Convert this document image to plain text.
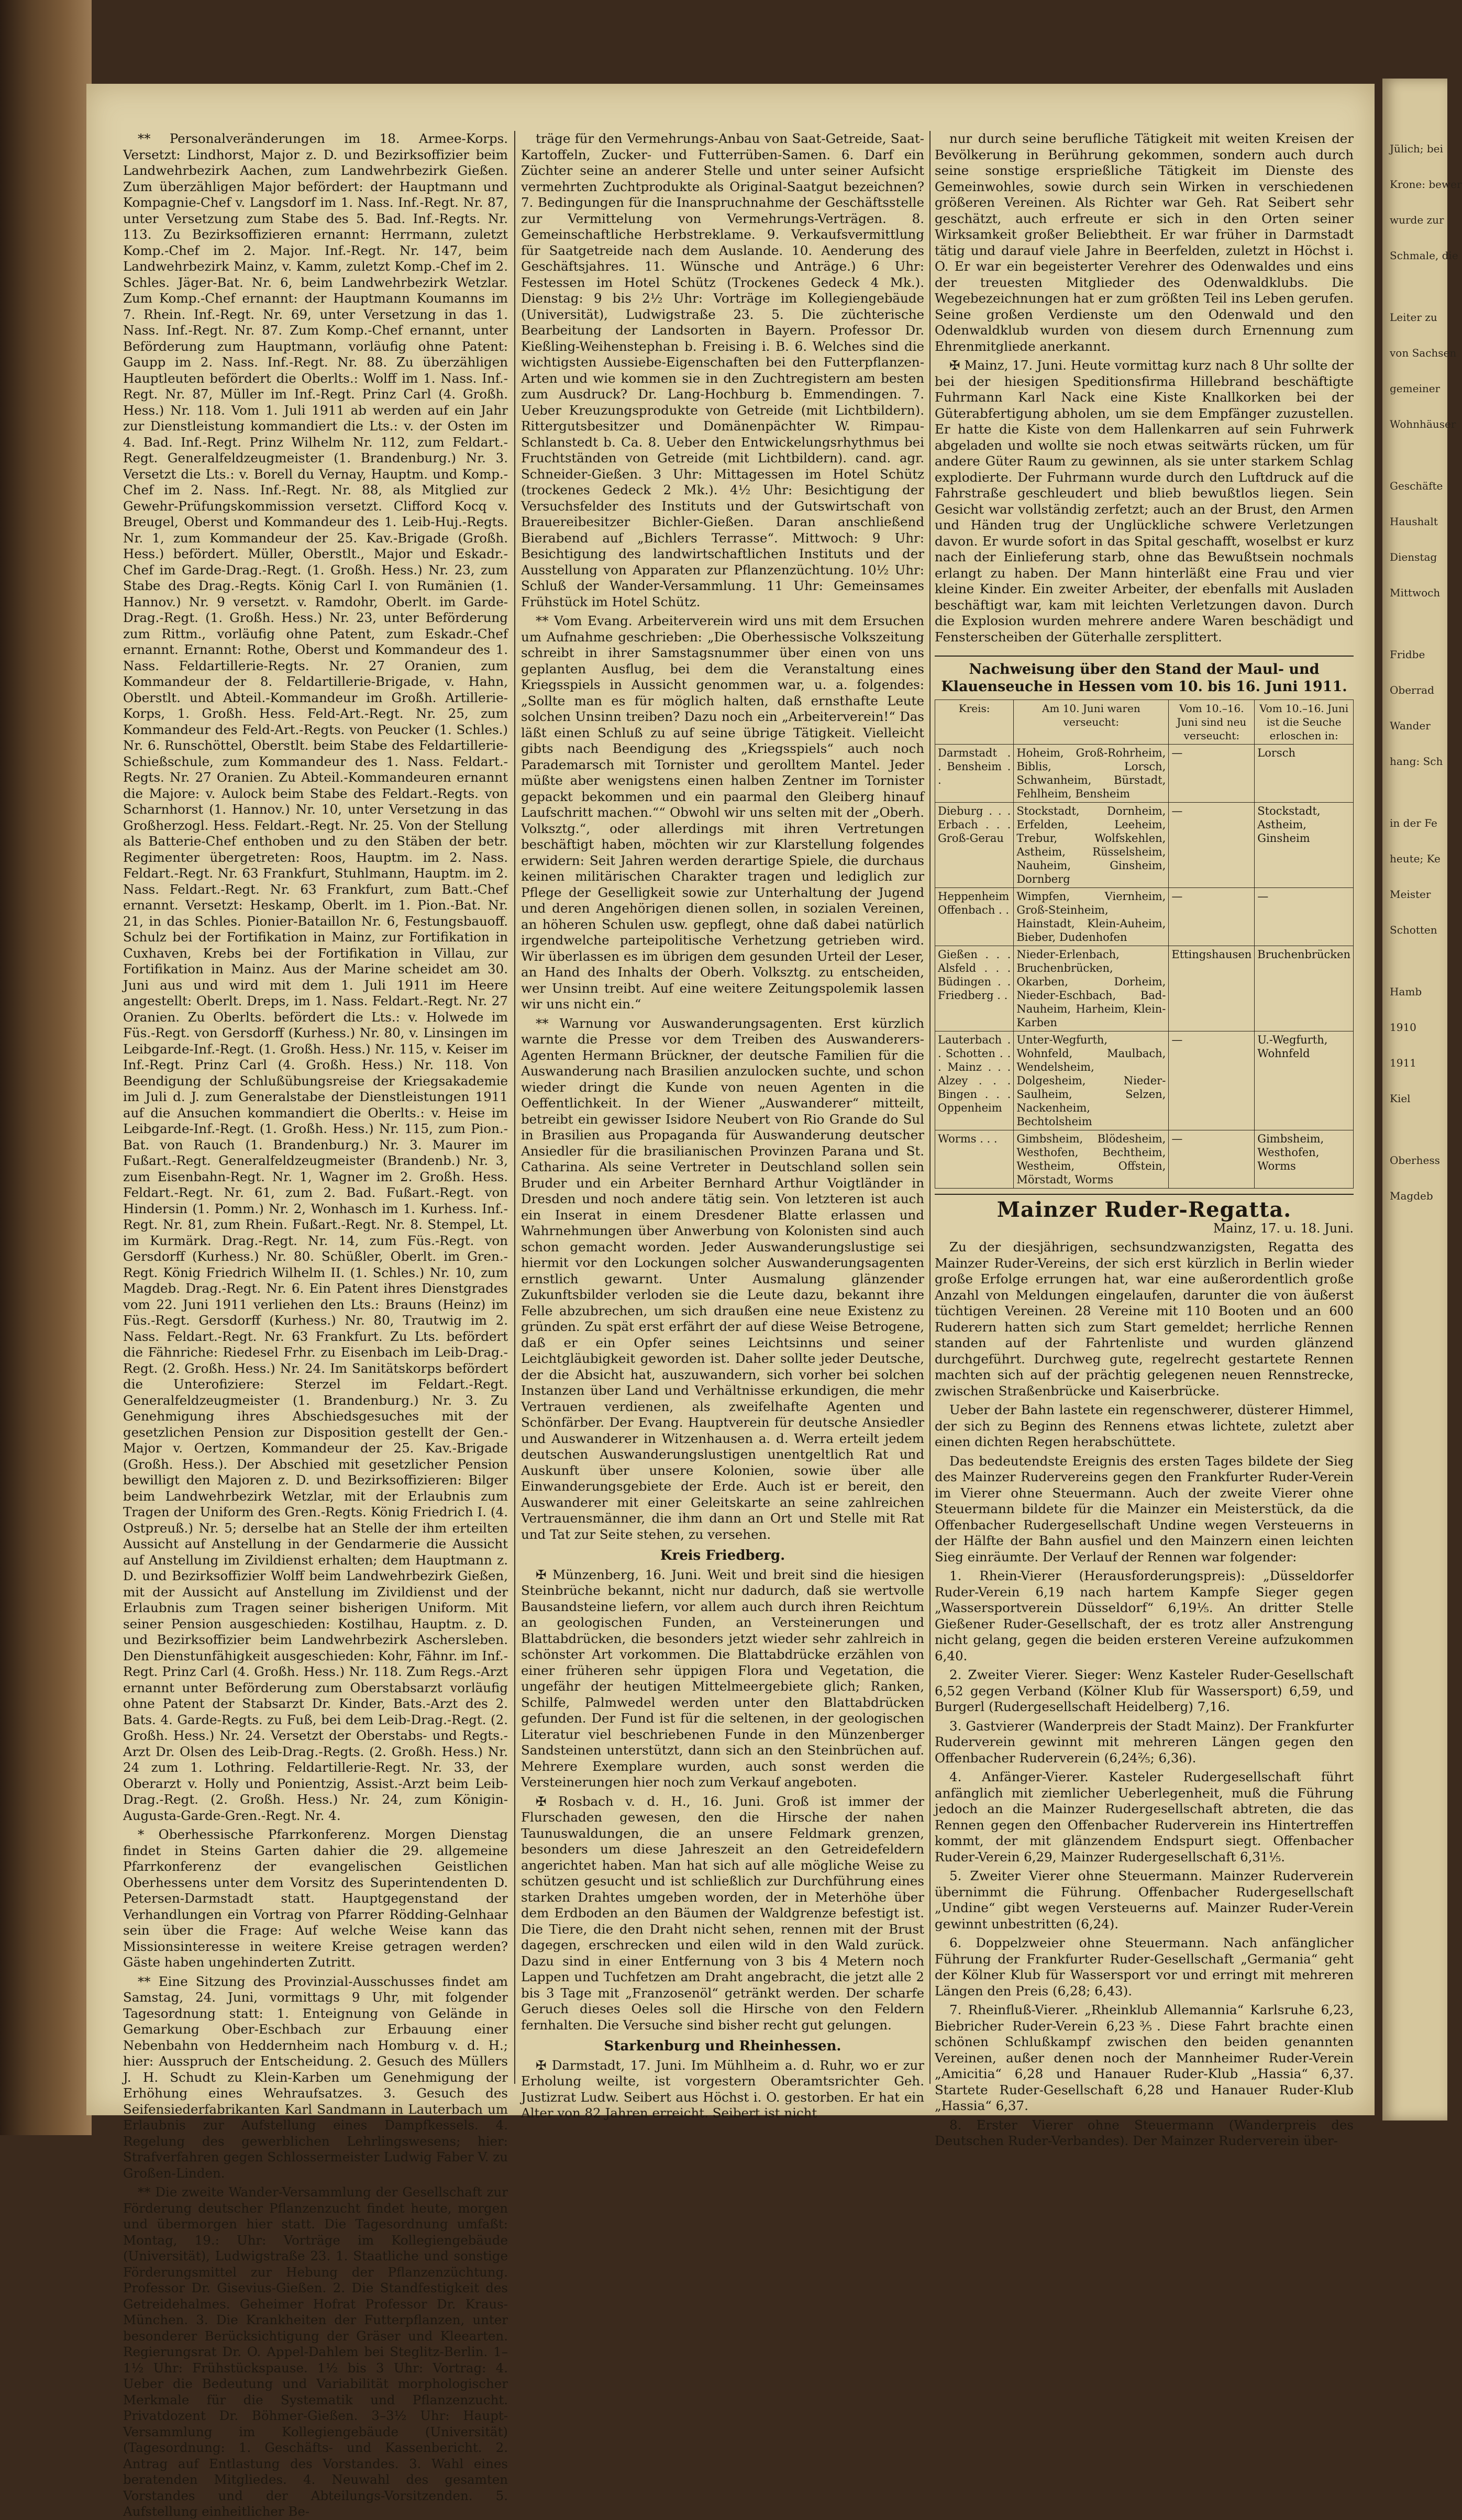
** Personalveränderungen im 18. Armee-Korps. Versetzt: Lindhorst, Major z. D. und Bezirksoffizier beim Landwehrbezirk Aachen, zum Landwehrbezirk Gießen. Zum überzähligen Major befördert: der Hauptmann und Kompagnie-Chef v. Langsdorf im 1. Nass. Inf.-Regt. Nr. 87, unter Versetzung zum Stabe des 5. Bad. Inf.-Regts. Nr. 113. Zu Bezirksoffizieren ernannt: Herrmann, zuletzt Komp.-Chef im 2. Major. Inf.-Regt. Nr. 147, beim Landwehrbezirk Mainz, v. Kamm, zuletzt Komp.-Chef im 2. Schles. Jäger-Bat. Nr. 6, beim Landwehrbezirk Wetzlar. Zum Komp.-Chef ernannt: der Hauptmann Koumanns im 7. Rhein. Inf.-Regt. Nr. 69, unter Versetzung in das 1. Nass. Inf.-Regt. Nr. 87. Zum Komp.-Chef ernannt, unter Beförderung zum Hauptmann, vorläufig ohne Patent: Gaupp im 2. Nass. Inf.-Regt. Nr. 88. Zu überzähligen Hauptleuten befördert die Oberlts.: Wolff im 1. Nass. Inf.-Regt. Nr. 87, Müller im Inf.-Regt. Prinz Carl (4. Großh. Hess.) Nr. 118. Vom 1. Juli 1911 ab werden auf ein Jahr zur Dienstleistung kommandiert die Lts.: v. der Osten im 4. Bad. Inf.-Regt. Prinz Wilhelm Nr. 112, zum Feldart.-Regt. Generalfeldzeugmeister (1. Brandenburg.) Nr. 3. Versetzt die Lts.: v. Borell du Vernay, Hauptm. und Komp.-Chef im 2. Nass. Inf.-Regt. Nr. 88, als Mitglied zur Gewehr-Prüfungskommission versetzt. Clifford Kocq v. Breugel, Oberst und Kommandeur des 1. Leib-Huj.-Regts. Nr. 1, zum Kommandeur der 25. Kav.-Brigade (Großh. Hess.) befördert. Müller, Oberstlt., Major und Eskadr.-Chef im Garde-Drag.-Regt. (1. Großh. Hess.) Nr. 23, zum Stabe des Drag.-Regts. König Carl I. von Rumänien (1. Hannov.) Nr. 9 versetzt. v. Ramdohr, Oberlt. im Garde-Drag.-Regt. (1. Großh. Hess.) Nr. 23, unter Beförderung zum Rittm., vorläufig ohne Patent, zum Eskadr.-Chef ernannt. Ernannt: Rothe, Oberst und Kommandeur des 1. Nass. Feldartillerie-Regts. Nr. 27 Oranien, zum Kommandeur der 8. Feldartillerie-Brigade, v. Hahn, Oberstlt. und Abteil.-Kommandeur im Großh. Artillerie-Korps, 1. Großh. Hess. Feld-Art.-Regt. Nr. 25, zum Kommandeur des Feld-Art.-Regts. von Peucker (1. Schles.) Nr. 6. Runschöttel, Oberstlt. beim Stabe des Feldartillerie-Schießschule, zum Kommandeur des 1. Nass. Feldart.-Regts. Nr. 27 Oranien. Zu Abteil.-Kommandeuren ernannt die Majore: v. Aulock beim Stabe des Feldart.-Regts. von Scharnhorst (1. Hannov.) Nr. 10, unter Versetzung in das Großherzogl. Hess. Feldart.-Regt. Nr. 25. Von der Stellung als Batterie-Chef enthoben und zu den Stäben der betr. Regimenter übergetreten: Roos, Hauptm. im 2. Nass. Feldart.-Regt. Nr. 63 Frankfurt, Stuhlmann, Hauptm. im 2. Nass. Feldart.-Regt. Nr. 63 Frankfurt, zum Batt.-Chef ernannt. Versetzt: Heskamp, Oberlt. im 1. Pion.-Bat. Nr. 21, in das Schles. Pionier-Bataillon Nr. 6, Festungsbauoff. Schulz bei der Fortifikation in Mainz, zur Fortifikation in Cuxhaven, Krebs bei der Fortifikation in Villau, zur Fortifikation in Mainz. Aus der Marine scheidet am 30. Juni aus und wird mit dem 1. Juli 1911 im Heere angestellt: Oberlt. Dreps, im 1. Nass. Feldart.-Regt. Nr. 27 Oranien. Zu Oberlts. befördert die Lts.: v. Holwede im Füs.-Regt. von Gersdorff (Kurhess.) Nr. 80, v. Linsingen im Leibgarde-Inf.-Regt. (1. Großh. Hess.) Nr. 115, v. Keiser im Inf.-Regt. Prinz Carl (4. Großh. Hess.) Nr. 118. Von Beendigung der Schlußübungsreise der Kriegsakademie im Juli d. J. zum Generalstabe der Dienstleistungen 1911 auf die Ansuchen kommandiert die Oberlts.: v. Heise im Leibgarde-Inf.-Regt. (1. Großh. Hess.) Nr. 115, zum Pion.-Bat. von Rauch (1. Brandenburg.) Nr. 3. Maurer im Fußart.-Regt. Generalfeldzeugmeister (Brandenb.) Nr. 3, zum Eisenbahn-Regt. Nr. 1, Wagner im 2. Großh. Hess. Feldart.-Regt. Nr. 61, zum 2. Bad. Fußart.-Regt. von Hindersin (1. Pomm.) Nr. 2, Wonhasch im 1. Kurhess. Inf.-Regt. Nr. 81, zum Rhein. Fußart.-Regt. Nr. 8. Stempel, Lt. im Kurmärk. Drag.-Regt. Nr. 14, zum Füs.-Regt. von Gersdorff (Kurhess.) Nr. 80. Schüßler, Oberlt. im Gren.-Regt. König Friedrich Wilhelm II. (1. Schles.) Nr. 10, zum Magdeb. Drag.-Regt. Nr. 6. Ein Patent ihres Dienstgrades vom 22. Juni 1911 verliehen den Lts.: Brauns (Heinz) im Füs.-Regt. Gersdorff (Kurhess.) Nr. 80, Trautwig im 2. Nass. Feldart.-Regt. Nr. 63 Frankfurt. Zu Lts. befördert die Fähnriche: Riedesel Frhr. zu Eisenbach im Leib-Drag.-Regt. (2. Großh. Hess.) Nr. 24. Im Sanitätskorps befördert die Unterofiziere: Sterzel im Feldart.-Regt. Generalfeldzeugmeister (1. Brandenburg.) Nr. 3. Zu Genehmigung ihres Abschiedsgesuches mit der gesetzlichen Pension zur Disposition gestellt der Gen.-Major v. Oertzen, Kommandeur der 25. Kav.-Brigade (Großh. Hess.). Der Abschied mit gesetzlicher Pension bewilligt den Majoren z. D. und Bezirksoffizieren: Bilger beim Landwehrbezirk Wetzlar, mit der Erlaubnis zum Tragen der Uniform des Gren.-Regts. König Friedrich I. (4. Ostpreuß.) Nr. 5; derselbe hat an Stelle der ihm erteilten Aussicht auf Anstellung in der Gendarmerie die Aussicht auf Anstellung im Zivildienst erhalten; dem Hauptmann z. D. und Bezirksoffizier Wolff beim Landwehrbezirk Gießen, mit der Aussicht auf Anstellung im Zivildienst und der Erlaubnis zum Tragen seiner bisherigen Uniform. Mit seiner Pension ausgeschieden: Kostilhau, Hauptm. z. D. und Bezirksoffizier beim Landwehrbezirk Aschersleben. Den Dienstunfähigkeit ausgeschieden: Kohr, Fähnr. im Inf.-Regt. Prinz Carl (4. Großh. Hess.) Nr. 118. Zum Regs.-Arzt ernannt unter Beförderung zum Oberstabsarzt vorläufig ohne Patent der Stabsarzt Dr. Kinder, Bats.-Arzt des 2. Bats. 4. Garde-Regts. zu Fuß, bei dem Leib-Drag.-Regt. (2. Großh. Hess.) Nr. 24. Versetzt der Oberstabs- und Regts.-Arzt Dr. Olsen des Leib-Drag.-Regts. (2. Großh. Hess.) Nr. 24 zum 1. Lothring. Feldartillerie-Regt. Nr. 33, der Oberarzt v. Holly und Ponientzig, Assist.-Arzt beim Leib-Drag.-Regt. (2. Großh. Hess.) Nr. 24, zum Königin-Augusta-Garde-Gren.-Regt. Nr. 4.

* Oberhessische Pfarrkonferenz. Morgen Dienstag findet in Steins Garten dahier die 29. allgemeine Pfarrkonferenz der evangelischen Geistlichen Oberhessens unter dem Vorsitz des Superintendenten D. Petersen-Darmstadt statt. Hauptgegenstand der Verhandlungen ein Vortrag von Pfarrer Rödding-Gelnhaar sein über die Frage: Auf welche Weise kann das Missionsinteresse in weitere Kreise getragen werden? Gäste haben ungehinderten Zutritt.

** Eine Sitzung des Provinzial-Ausschusses findet am Samstag, 24. Juni, vormittags 9 Uhr, mit folgender Tagesordnung statt: 1. Enteignung von Gelände in Gemarkung Ober-Eschbach zur Erbauung einer Nebenbahn von Heddernheim nach Homburg v. d. H.; hier: Ausspruch der Entscheidung. 2. Gesuch des Müllers J. H. Schudt zu Klein-Karben um Genehmigung der Erhöhung eines Wehraufsatzes. 3. Gesuch des Seifensiederfabrikanten Karl Sandmann in Lauterbach um Erlaubnis zur Aufstellung eines Dampfkessels. 4. Regelung des gewerblichen Lehrlingswesens; hier: Strafverfahren gegen Schlossermeister Ludwig Faber V. zu Großen-Linden.

** Die zweite Wander-Versammlung der Gesellschaft zur Förderung deutscher Pflanzenzucht findet heute, morgen und übermorgen hier statt. Die Tagesordnung umfaßt: Montag, 19.: Uhr: Vorträge im Kollegiengebäude (Universität), Ludwigstraße 23. 1. Staatliche und sonstige Förderungsmittel zur Hebung der Pflanzenzüchtung. Professor Dr. Gisevius-Gießen. 2. Die Standfestigkeit des Getreidehalmes. Geheimer Hofrat Professor Dr. Kraus-München. 3. Die Krankheiten der Futterpflanzen, unter besonderer Berücksichtigung der Gräser und Kleearten. Regierungsrat Dr. O. Appel-Dahlem bei Steglitz-Berlin. 1–1½ Uhr: Frühstückspause. 1½ bis 3 Uhr: Vortrag: 4. Ueber die Bedeutung und Variabilität morphologischer Merkmale für die Systematik und Pflanzenzucht. Privatdozent Dr. Böhmer-Gießen. 3–3½ Uhr: Haupt-Versammlung im Kollegiengebäude (Universität) (Tagesordnung: 1. Geschäfts- und Kassenbericht. 2. Antrag auf Entlastung des Vorstandes. 3. Wahl eines beratenden Mitgliedes. 4. Neuwahl des gesamten Vorstandes und der Abteilungs-Vorsitzenden. 5. Aufstellung einheitlicher Be-

träge für den Vermehrungs-Anbau von Saat-Getreide, Saat-Kartoffeln, Zucker- und Futterrüben-Samen. 6. Darf ein Züchter seine an anderer Stelle und unter seiner Aufsicht vermehrten Zuchtprodukte als Original-Saatgut bezeichnen? 7. Bedingungen für die Inanspruchnahme der Geschäftsstelle zur Vermittelung von Vermehrungs-Verträgen. 8. Gemeinschaftliche Herbstreklame. 9. Verkaufsvermittlung für Saatgetreide nach dem Auslande. 10. Aenderung des Geschäftsjahres. 11. Wünsche und Anträge.) 6 Uhr: Festessen im Hotel Schütz (Trockenes Gedeck 4 Mk.). Dienstag: 9 bis 2½ Uhr: Vorträge im Kollegiengebäude (Universität), Ludwigstraße 23. 5. Die züchterische Bearbeitung der Landsorten in Bayern. Professor Dr. Kießling-Weihenstephan b. Freising i. B. 6. Welches sind die wichtigsten Aussiebe-Eigenschaften bei den Futterpflanzen-Arten und wie kommen sie in den Zuchtregistern am besten zum Ausdruck? Dr. Lang-Hochburg b. Emmendingen. 7. Ueber Kreuzungsprodukte von Getreide (mit Lichtbildern). Rittergutsbesitzer und Domänenpächter W. Rimpau-Schlanstedt b. Ca. 8. Ueber den Entwickelungsrhythmus bei Fruchtständen von Getreide (mit Lichtbildern). cand. agr. Schneider-Gießen. 3 Uhr: Mittagessen im Hotel Schütz (trockenes Gedeck 2 Mk.). 4½ Uhr: Besichtigung der Versuchsfelder des Instituts und der Gutswirtschaft von Brauereibesitzer Bichler-Gießen. Daran anschließend Bierabend auf „Bichlers Terrasse“. Mittwoch: 9 Uhr: Besichtigung des landwirtschaftlichen Instituts und der Ausstellung von Apparaten zur Pflanzenzüchtung. 10½ Uhr: Schluß der Wander-Versammlung. 11 Uhr: Gemeinsames Frühstück im Hotel Schütz.

** Vom Evang. Arbeiterverein wird uns mit dem Ersuchen um Aufnahme geschrieben: „Die Oberhessische Volkszeitung schreibt in ihrer Samstagsnummer über einen von uns geplanten Ausflug, bei dem die Veranstaltung eines Kriegsspiels in Aussicht genommen war, u. a. folgendes: „Sollte man es für möglich halten, daß ernsthafte Leute solchen Unsinn treiben? Dazu noch ein „Arbeiterverein!“ Das läßt einen Schluß zu auf seine übrige Tätigkeit. Vielleicht gibts nach Beendigung des „Kriegsspiels“ auch noch Parademarsch mit Tornister und gerolltem Mantel. Jeder müßte aber wenigstens einen halben Zentner im Tornister gepackt bekommen und ein paarmal den Gleiberg hinauf Laufschritt machen.““ Obwohl wir uns selten mit der „Oberh. Volksztg.“, oder allerdings mit ihren Vertretungen beschäftigt haben, möchten wir zur Klarstellung folgendes erwidern: Seit Jahren werden derartige Spiele, die durchaus keinen militärischen Charakter tragen und lediglich zur Pflege der Geselligkeit sowie zur Unterhaltung der Jugend und deren Angehörigen dienen sollen, in sozialen Vereinen, an höheren Schulen usw. gepflegt, ohne daß dabei natürlich irgendwelche parteipolitische Verhetzung getrieben wird. Wir überlassen es im übrigen dem gesunden Urteil der Leser, an Hand des Inhalts der Oberh. Volksztg. zu entscheiden, wer Unsinn treibt. Auf eine weitere Zeitungspolemik lassen wir uns nicht ein.“

** Warnung vor Auswanderungsagenten. Erst kürzlich warnte die Presse vor dem Treiben des Auswanderers-Agenten Hermann Brückner, der deutsche Familien für die Auswanderung nach Brasilien anzulocken suchte, und schon wieder dringt die Kunde von neuen Agenten in die Oeffentlichkeit. In der Wiener „Auswanderer“ mitteilt, betreibt ein gewisser Isidore Neubert von Rio Grande do Sul in Brasilien aus Propaganda für Auswanderung deutscher Ansiedler für die brasilianischen Provinzen Parana und St. Catharina. Als seine Vertreter in Deutschland sollen sein Bruder und ein Arbeiter Bernhard Arthur Voigtländer in Dresden und noch andere tätig sein. Von letzteren ist auch ein Inserat in einem Dresdener Blatte erlassen und Wahrnehmungen über Anwerbung von Kolonisten sind auch schon gemacht worden. Jeder Auswanderungslustige sei hiermit vor den Lockungen solcher Auswanderungsagenten ernstlich gewarnt. Unter Ausmalung glänzender Zukunftsbilder verloden sie die Leute dazu, bekannt ihre Felle abzubrechen, um sich draußen eine neue Existenz zu gründen. Zu spät erst erfährt der auf diese Weise Betrogene, daß er ein Opfer seines Leichtsinns und seiner Leichtgläubigkeit geworden ist. Daher sollte jeder Deutsche, der die Absicht hat, auszuwandern, sich vorher bei solchen Instanzen über Land und Verhältnisse erkundigen, die mehr Vertrauen verdienen, als zweifelhafte Agenten und Schönfärber. Der Evang. Hauptverein für deutsche Ansiedler und Auswanderer in Witzenhausen a. d. Werra erteilt jedem deutschen Auswanderungslustigen unentgeltlich Rat und Auskunft über unsere Kolonien, sowie über alle Einwanderungsgebiete der Erde. Auch ist er bereit, den Auswanderer mit einer Geleitskarte an seine zahlreichen Vertrauensmänner, die ihm dann an Ort und Stelle mit Rat und Tat zur Seite stehen, zu versehen.

Kreis Friedberg.

✠ Münzenberg, 16. Juni. Weit und breit sind die hiesigen Steinbrüche bekannt, nicht nur dadurch, daß sie wertvolle Bausandsteine liefern, vor allem auch durch ihren Reichtum an geologischen Funden, an Versteinerungen und Blattabdrücken, die besonders jetzt wieder sehr zahlreich in schönster Art vorkommen. Die Blattabdrücke erzählen von einer früheren sehr üppigen Flora und Vegetation, die ungefähr der heutigen Mittelmeergebiete glich; Ranken, Schilfe, Palmwedel werden unter den Blattabdrücken gefunden. Der Fund ist für die seltenen, in der geologischen Literatur viel beschriebenen Funde in den Münzenberger Sandsteinen unterstützt, dann sich an den Steinbrüchen auf. Mehrere Exemplare wurden, auch sonst werden die Versteinerungen hier noch zum Verkauf angeboten.

✠ Rosbach v. d. H., 16. Juni. Groß ist immer der Flurschaden gewesen, den die Hirsche der nahen Taunuswaldungen, die an unsere Feldmark grenzen, besonders um diese Jahreszeit an den Getreidefeldern angerichtet haben. Man hat sich auf alle mögliche Weise zu schützen gesucht und ist schließlich zur Durchführung eines starken Drahtes umgeben worden, der in Meterhöhe über dem Erdboden an den Bäumen der Waldgrenze befestigt ist. Die Tiere, die den Draht nicht sehen, rennen mit der Brust dagegen, erschrecken und eilen wild in den Wald zurück. Dazu sind in einer Entfernung von 3 bis 4 Metern noch Lappen und Tuchfetzen am Draht angebracht, die jetzt alle 2 bis 3 Tage mit „Franzosenöl“ getränkt werden. Der scharfe Geruch dieses Oeles soll die Hirsche von den Feldern fernhalten. Die Versuche sind bisher recht gut gelungen.

Starkenburg und Rheinhessen.

✠ Darmstadt, 17. Juni. Im Mühlheim a. d. Ruhr, wo er zur Erholung weilte, ist vorgestern Oberamtsrichter Geh. Justizrat Ludw. Seibert aus Höchst i. O. gestorben. Er hat ein Alter von 82 Jahren erreicht. Seibert ist nicht

nur durch seine berufliche Tätigkeit mit weiten Kreisen der Bevölkerung in Berührung gekommen, sondern auch durch seine sonstige ersprießliche Tätigkeit im Dienste des Gemeinwohles, sowie durch sein Wirken in verschiedenen größeren Vereinen. Als Richter war Geh. Rat Seibert sehr geschätzt, auch erfreute er sich in den Orten seiner Wirksamkeit großer Beliebtheit. Er war früher in Darmstadt tätig und darauf viele Jahre in Beerfelden, zuletzt in Höchst i. O. Er war ein begeisterter Verehrer des Odenwaldes und eins der treuesten Mitglieder des Odenwaldklubs. Die Wegebezeichnungen hat er zum größten Teil ins Leben gerufen. Seine großen Verdienste um den Odenwald und den Odenwaldklub wurden von diesem durch Ernennung zum Ehrenmitgliede anerkannt.

✠ Mainz, 17. Juni. Heute vormittag kurz nach 8 Uhr sollte der bei der hiesigen Speditionsfirma Hillebrand beschäftigte Fuhrmann Karl Nack eine Kiste Knallkorken bei der Güterabfertigung abholen, um sie dem Empfänger zuzustellen. Er hatte die Kiste von dem Hallenkarren auf sein Fuhrwerk abgeladen und wollte sie noch etwas seitwärts rücken, um für andere Güter Raum zu gewinnen, als sie unter starkem Schlag explodierte. Der Fuhrmann wurde durch den Luftdruck auf die Fahrstraße geschleudert und blieb bewußtlos liegen. Sein Gesicht war vollständig zerfetzt; auch an der Brust, den Armen und Händen trug der Unglückliche schwere Verletzungen davon. Er wurde sofort in das Spital geschafft, woselbst er kurz nach der Einlieferung starb, ohne das Bewußtsein nochmals erlangt zu haben. Der Mann hinterläßt eine Frau und vier kleine Kinder. Ein zweiter Arbeiter, der ebenfalls mit Ausladen beschäftigt war, kam mit leichten Verletzungen davon. Durch die Explosion wurden mehrere andere Waren beschädigt und Fensterscheiben der Güterhalle zersplittert.

Nachweisung über den Stand der Maul- und Klauenseuche in Hessen vom 10. bis 16. Juni 1911.
Kreis:	Am 10. Juni waren verseucht:	Vom 10.–16. Juni sind neu verseucht:	Vom 10.–16. Juni ist die Seuche erloschen in:
Darmstadt . . Bensheim . .	Hoheim, Groß-Rohrheim, Biblis, Lorsch, Schwanheim, Bürstadt, Fehlheim, Bensheim	—	Lorsch
Dieburg . . . Erbach . . . Groß-Gerau	Stockstadt, Dornheim, Erfelden, Leeheim, Trebur, Wolfskehlen, Astheim, Rüsselsheim, Nauheim, Ginsheim, Dornberg	—	Stockstadt, Astheim, Ginsheim
Heppenheim Offenbach . .	Wimpfen, Viernheim, Groß-Steinheim, Hainstadt, Klein-Auheim, Bieber, Dudenhofen	—	—
Gießen . . . Alsfeld . . . Büdingen . . Friedberg . .	Nieder-Erlenbach, Bruchenbrücken, Okarben, Dorheim, Nieder-Eschbach, Bad-Nauheim, Harheim, Klein-Karben	Ettingshausen	Bruchenbrücken
Lauterbach . . Schotten . . . Mainz . . . Alzey . . . Bingen . . . Oppenheim	Unter-Wegfurth, Wohnfeld, Maulbach, Wendelsheim, Dolgesheim, Nieder-Saulheim, Selzen, Nackenheim, Bechtolsheim	—	U.-Wegfurth, Wohnfeld
Worms . . .	Gimbsheim, Blödesheim, Westhofen, Bechtheim, Westheim, Offstein, Mörstadt, Worms	—	Gimbsheim, Westhofen, Worms
Mainzer Ruder-Regatta.
Mainz, 17. u. 18. Juni.

Zu der diesjährigen, sechsundzwanzigsten, Regatta des Mainzer Ruder-Vereins, der sich erst kürzlich in Berlin wieder große Erfolge errungen hat, war eine außerordentlich große Anzahl von Meldungen eingelaufen, darunter die von äußerst tüchtigen Vereinen. 28 Vereine mit 110 Booten und an 600 Ruderern hatten sich zum Start gemeldet; herrliche Rennen standen auf der Fahrtenliste und wurden glänzend durchgeführt. Durchweg gute, regelrecht gestartete Rennen machten sich auf der prächtig gelegenen neuen Rennstrecke, zwischen Straßenbrücke und Kaiserbrücke.

Ueber der Bahn lastete ein regenschwerer, düsterer Himmel, der sich zu Beginn des Rennens etwas lichtete, zuletzt aber einen dichten Regen herabschüttete.

Das bedeutendste Ereignis des ersten Tages bildete der Sieg des Mainzer Rudervereins gegen den Frankfurter Ruder-Verein im Vierer ohne Steuermann. Auch der zweite Vierer ohne Steuermann bildete für die Mainzer ein Meisterstück, da die Offenbacher Rudergesellschaft Undine wegen Versteuerns in der Hälfte der Bahn ausfiel und den Mainzern einen leichten Sieg einräumte. Der Verlauf der Rennen war folgender:

1. Rhein-Vierer (Herausforderungspreis): „Düsseldorfer Ruder-Verein 6,19 nach hartem Kampfe Sieger gegen „Wassersportverein Düsseldorf“ 6,19⅕. An dritter Stelle Gießener Ruder-Gesellschaft, der es trotz aller Anstrengung nicht gelang, gegen die beiden ersteren Vereine aufzukommen 6,40.

2. Zweiter Vierer. Sieger: Wenz Kasteler Ruder-Gesellschaft 6,52 gegen Verband (Kölner Klub für Wassersport) 6,59, und Burgerl (Rudergesellschaft Heidelberg) 7,16.

3. Gastvierer (Wanderpreis der Stadt Mainz). Der Frankfurter Ruderverein gewinnt mit mehreren Längen gegen den Offenbacher Ruderverein (6,24⅖; 6,36).

4. Anfänger-Vierer. Kasteler Rudergesellschaft führt anfänglich mit ziemlicher Ueberlegenheit, muß die Führung jedoch an die Mainzer Rudergesellschaft abtreten, die das Rennen gegen den Offenbacher Ruderverein ins Hintertreffen kommt, der mit glänzendem Endspurt siegt. Offenbacher Ruder-Verein 6,29, Mainzer Rudergesellschaft 6,31⅕.

5. Zweiter Vierer ohne Steuermann. Mainzer Ruderverein übernimmt die Führung. Offenbacher Rudergesellschaft „Undine“ gibt wegen Versteuerns auf. Mainzer Ruder-Verein gewinnt unbestritten (6,24).

6. Doppelzweier ohne Steuermann. Nach anfänglicher Führung der Frankfurter Ruder-Gesellschaft „Germania“ geht der Kölner Klub für Wassersport vor und erringt mit mehreren Längen den Preis (6,28; 6,43).

7. Rheinfluß-Vierer. „Rheinklub Allemannia“ Karlsruhe 6,23, Biebricher Ruder-Verein 6,23⅗. Diese Fahrt brachte einen schönen Schlußkampf zwischen den beiden genannten Vereinen, außer denen noch der Mannheimer Ruder-Verein „Amicitia“ 6,28 und Hanauer Ruder-Klub „Hassia“ 6,37. Startete Ruder-Gesellschaft 6,28 und Hanauer Ruder-Klub „Hassia“ 6,37.

8. Erster Vierer ohne Steuermann (Wanderpreis des Deutschen Ruder-Verbandes). Der Mainzer Ruderverein über-

Jülich; bei
Krone: bewer
wurde zur
Schmale, die
Leiter zu
von Sachsen
gemeiner
Wohnhäuser
Geschäfte
Haushalt
Dienstag
Mittwoch
Fridbe
Oberrad
Wander
hang: Sch
in der Fe
heute; Ke
Meister
Schotten
Hamb
1910
1911
Kiel
Oberhess
Magdeb
